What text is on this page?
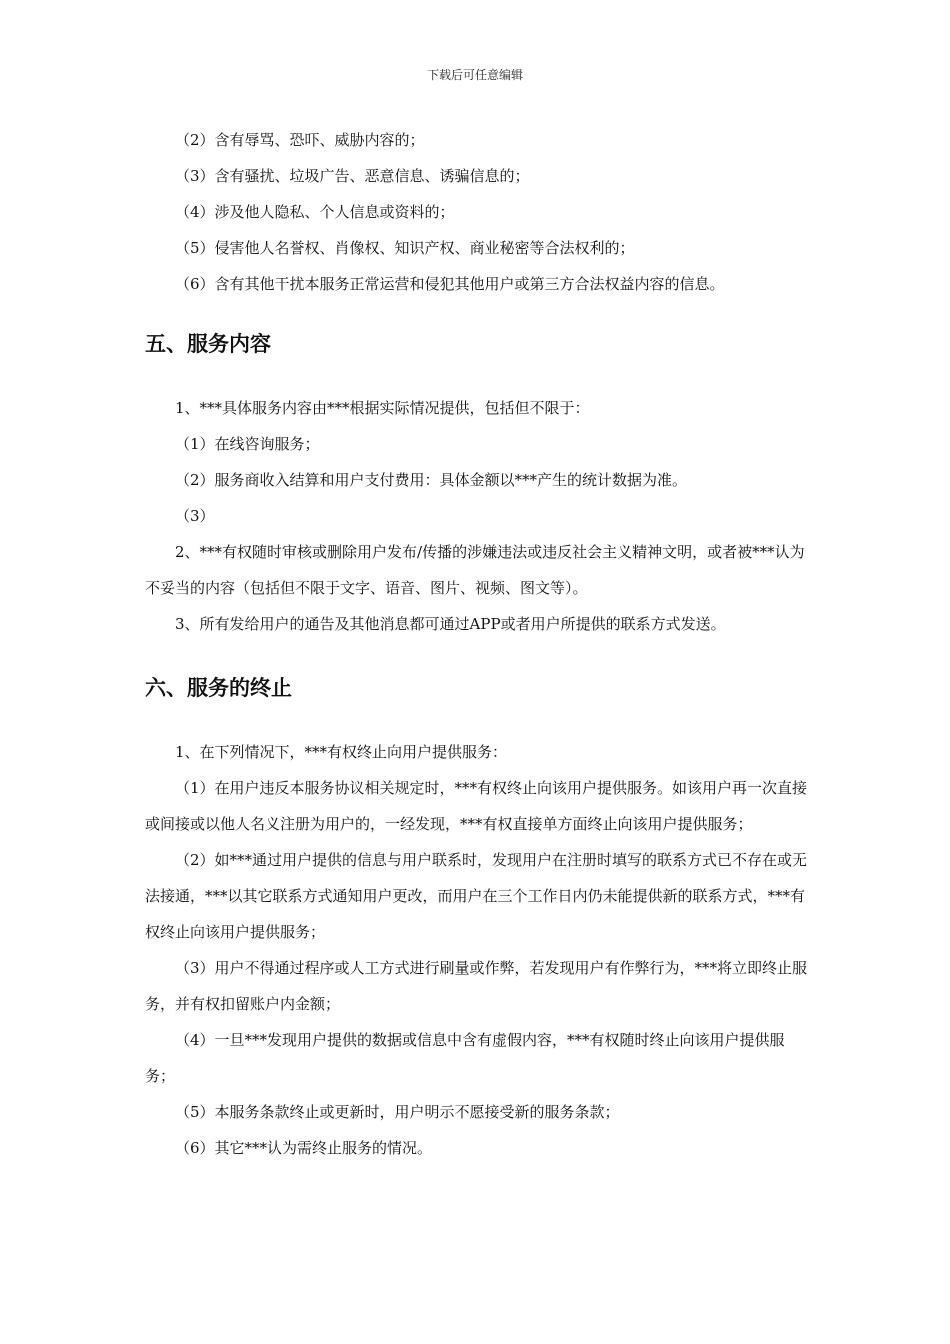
下载后可任意编辑

（2）含有辱骂、恐吓、威胁内容的；

（3）含有骚扰、垃圾广告、恶意信息、诱骗信息的；

（4）涉及他人隐私、个人信息或资料的；

（5）侵害他人名誉权、肖像权、知识产权、商业秘密等合法权利的；

（6）含有其他干扰本服务正常运营和侵犯其他用户或第三方合法权益内容的信息。

五、服务内容

1、***具体服务内容由***根据实际情况提供，包括但不限于：

（1）在线咨询服务；

（2）服务商收入结算和用户支付费用：具体金额以***产生的统计数据为准。

（3）

2、***有权随时审核或删除用户发布/传播的涉嫌违法或违反社会主义精神文明，或者被***认为不妥当的内容（包括但不限于文字、语音、图片、视频、图文等）。

3、所有发给用户的通告及其他消息都可通过APP或者用户所提供的联系方式发送。

六、服务的终止

1、在下列情况下，***有权终止向用户提供服务：

（1）在用户违反本服务协议相关规定时，***有权终止向该用户提供服务。如该用户再一次直接或间接或以他人名义注册为用户的，一经发现，***有权直接单方面终止向该用户提供服务；

（2）如***通过用户提供的信息与用户联系时，发现用户在注册时填写的联系方式已不存在或无法接通，***以其它联系方式通知用户更改，而用户在三个工作日内仍未能提供新的联系方式，***有权终止向该用户提供服务；

（3）用户不得通过程序或人工方式进行刷量或作弊，若发现用户有作弊行为，***将立即终止服务，并有权扣留账户内金额；

（4）一旦***发现用户提供的数据或信息中含有虚假内容，***有权随时终止向该用户提供服务；

（5）本服务条款终止或更新时，用户明示不愿接受新的服务条款；

（6）其它***认为需终止服务的情况。
